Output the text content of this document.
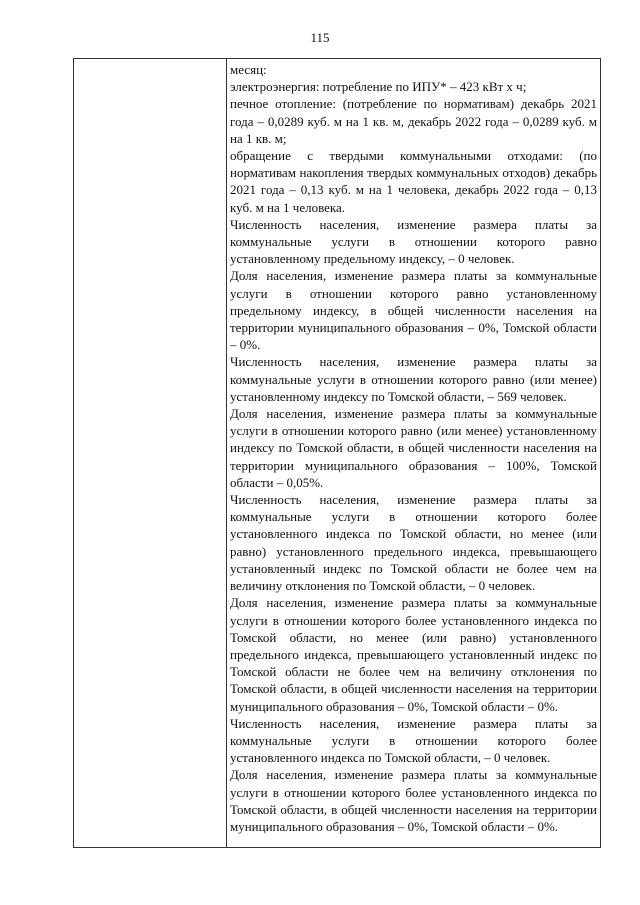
115

месяц:

электроэнергия: потребление по ИПУ* – 423 кВт х ч;

печное отопление: (потребление по нормативам) декабрь 2021 года – 0,0289 куб. м на 1 кв. м, декабрь 2022 года – 0,0289 куб. м на 1 кв. м;

обращение с твердыми коммунальными отходами: (по нормативам накопления твердых коммунальных отходов) декабрь 2021 года – 0,13 куб. м на 1 человека, декабрь 2022 года – 0,13 куб. м на 1 человека.

Численность населения, изменение размера платы за коммунальные услуги в отношении которого равно установленному предельному индексу, – 0 человек.

Доля населения, изменение размера платы за коммунальные услуги в отношении которого равно установленному предельному индексу, в общей численности населения на территории муниципального образования – 0%, Томской области – 0%.

Численность населения, изменение размера платы за коммунальные услуги в отношении которого равно (или менее) установленному индексу по Томской области, – 569 человек.

Доля населения, изменение размера платы за коммунальные услуги в отношении которого равно (или менее) установленному индексу по Томской области, в общей численности населения на территории муниципального образования – 100%, Томской области – 0,05%.

Численность населения, изменение размера платы за коммунальные услуги в отношении которого более установленного индекса по Томской области, но менее (или равно) установленного предельного индекса, превышающего установленный индекс по Томской области не более чем на величину отклонения по Томской области, – 0 человек.

Доля населения, изменение размера платы за коммунальные услуги в отношении которого более установленного индекса по Томской области, но менее (или равно) установленного предельного индекса, превышающего установленный индекс по Томской области не более чем на величину отклонения по Томской области, в общей численности населения на территории муниципального образования – 0%, Томской области – 0%.

Численность населения, изменение размера платы за коммунальные услуги в отношении которого более установленного индекса по Томской области, – 0 человек.

Доля населения, изменение размера платы за коммунальные услуги в отношении которого более установленного индекса по Томской области, в общей численности населения на территории муниципального образования – 0%, Томской области – 0%.
